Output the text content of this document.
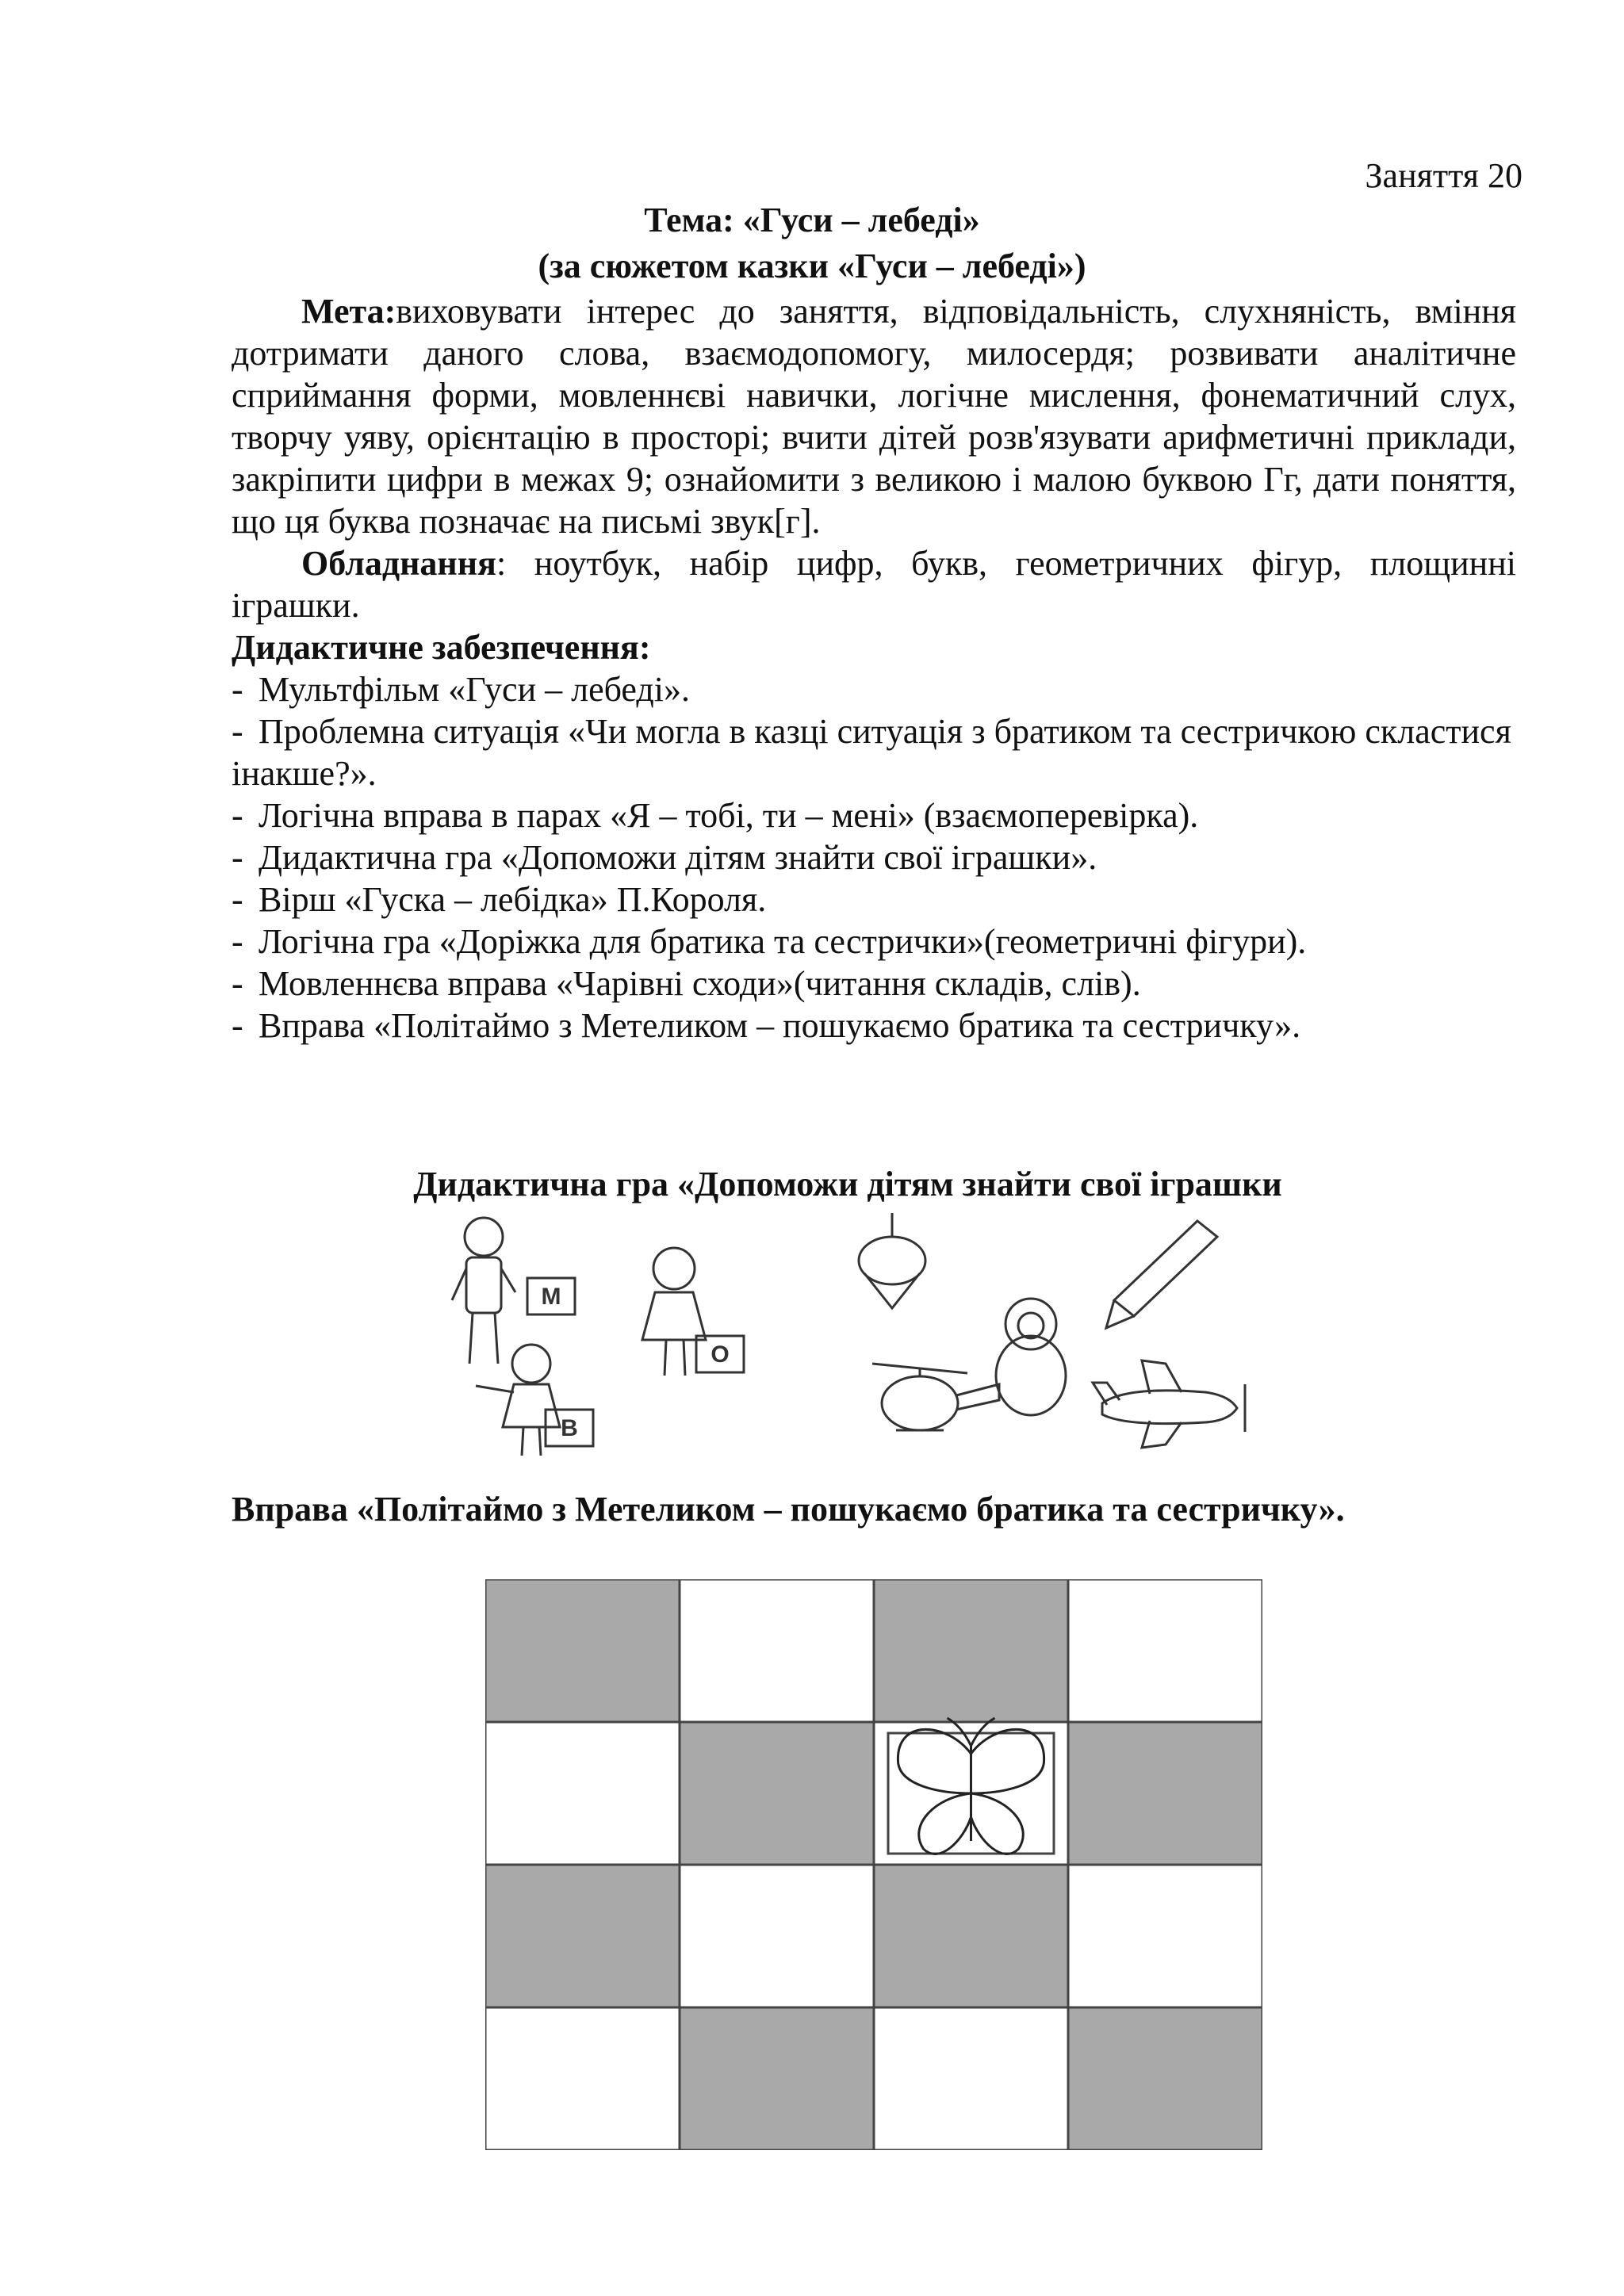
Заняття 20
Тема: «Гуси – лебеді»
(за сюжетом казки «Гуси – лебеді»)

Мета:виховувати інтерес до заняття, відповідальність, слухняність, вміння дотримати даного слова, взаємодопомогу, милосердя; розвивати аналітичне сприймання форми, мовленнєві навички, логічне мислення, фонематичний слух, творчу уяву, орієнтацію в просторі; вчити дітей розв'язувати арифметичні приклади, закріпити цифри в межах 9; ознайомити з великою і малою буквою Гг, дати поняття, що ця буква позначає на письмі звук[г].

Обладнання: ноутбук, набір цифр, букв, геометричних фігур, площинні іграшки.

Дидактичне забезпечення:
- Мультфільм «Гуси – лебеді».
- Проблемна ситуація «Чи могла в казці ситуація з братиком та сестричкою скластися інакше?».
- Логічна вправа в парах «Я – тобі, ти – мені» (взаємоперевірка).
- Дидактична гра «Допоможи дітям знайти свої іграшки».
- Вірш «Гуска – лебідка» П.Короля.
- Логічна гра «Доріжка для братика та сестрички»(геометричні фігури).
- Мовленнєва вправа «Чарівні сходи»(читання складів, слів).
- Вправа «Політаймо з Метеликом – пошукаємо братика та сестричку».
Дидактична гра «Допоможи дітям знайти свої іграшки
М
О
В
Вправа «Політаймо з Метеликом – пошукаємо братика та сестричку».
